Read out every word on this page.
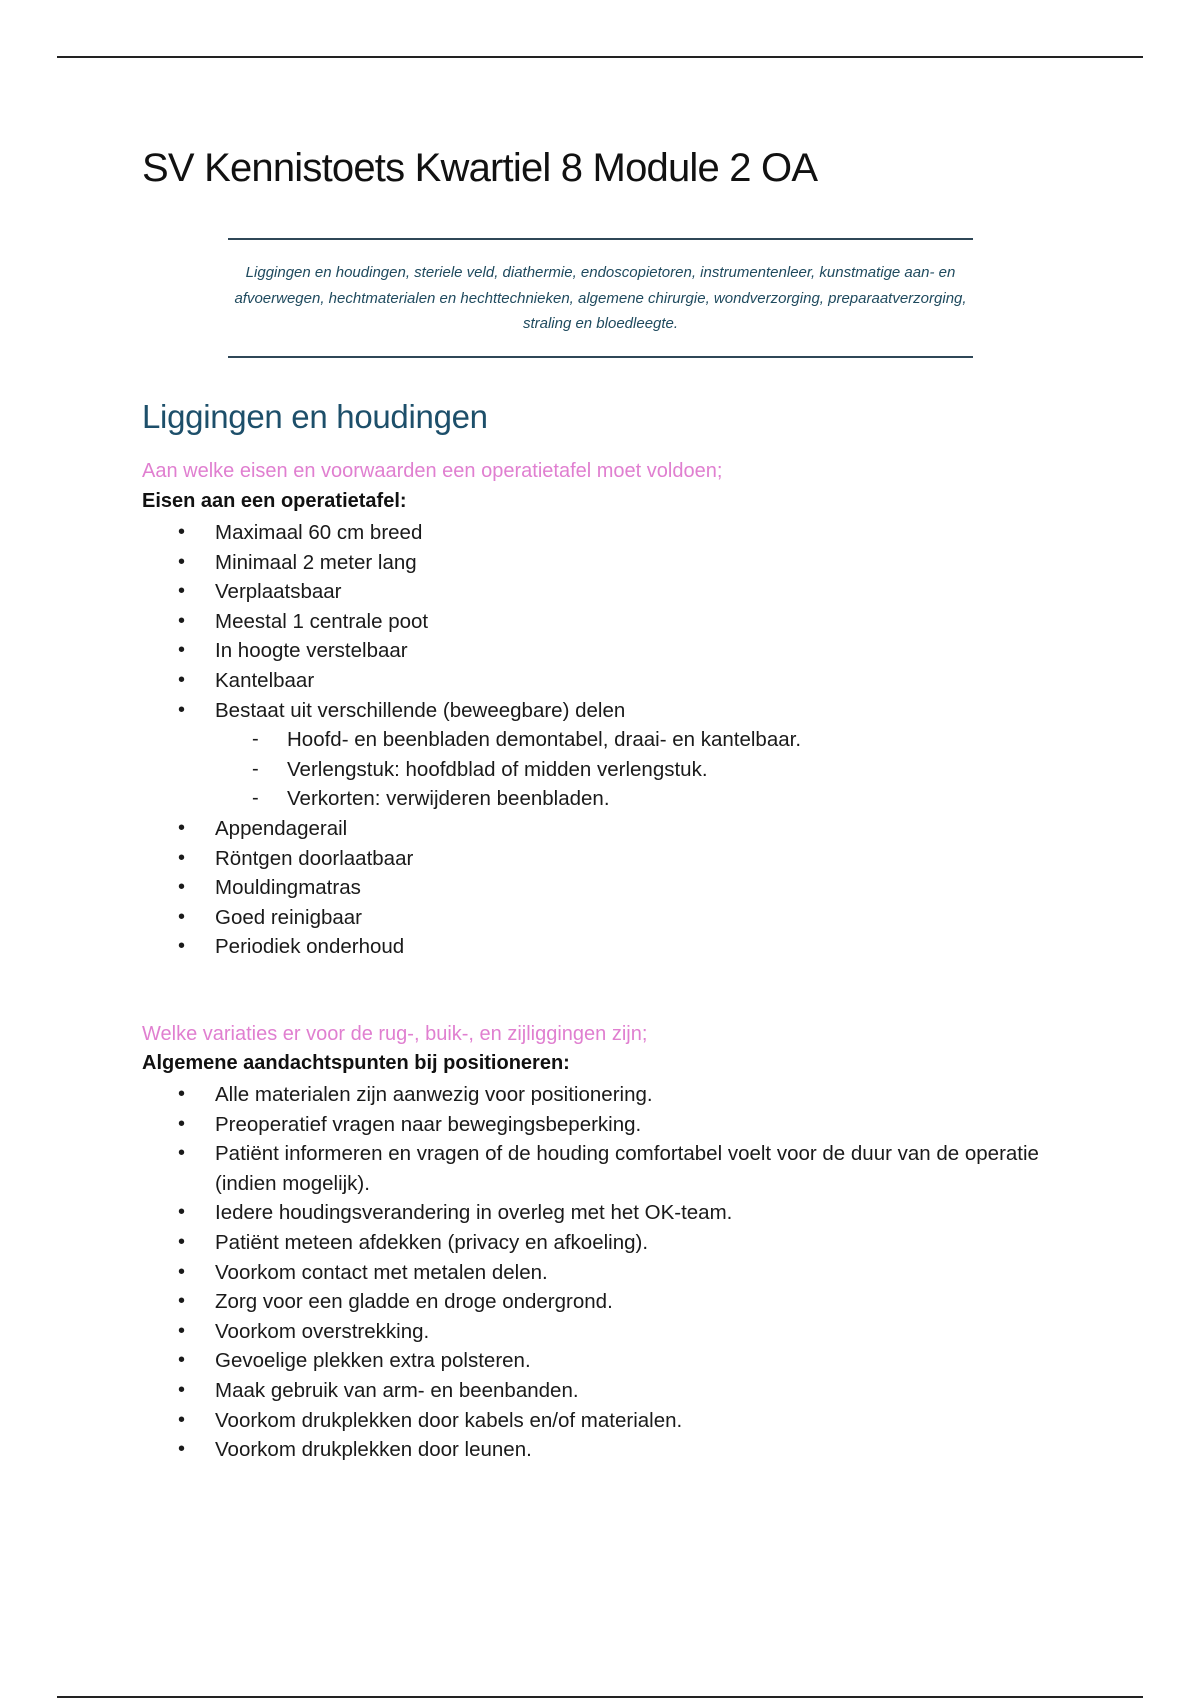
SV Kennistoets Kwartiel 8 Module 2 OA
Liggingen en houdingen, steriele veld, diathermie, endoscopietoren, instrumentenleer, kunstmatige aan- en afvoerwegen, hechtmaterialen en hechttechnieken, algemene chirurgie, wondverzorging, preparaatverzorging, straling en bloedleegte.
Liggingen en houdingen
Aan welke eisen en voorwaarden een operatietafel moet voldoen;
Eisen aan een operatietafel:
• Maximaal 60 cm breed
• Minimaal 2 meter lang
• Verplaatsbaar
• Meestal 1 centrale poot
• In hoogte verstelbaar
• Kantelbaar
• Bestaat uit verschillende (beweegbare) delen
- Hoofd- en beenbladen demontabel, draai- en kantelbaar.
- Verlengstuk: hoofdblad of midden verlengstuk.
- Verkorten: verwijderen beenbladen.
• Appendagerail
• Röntgen doorlaatbaar
• Mouldingmatras
• Goed reinigbaar
• Periodiek onderhoud
Welke variaties er voor de rug-, buik-, en zijliggingen zijn;
Algemene aandachtspunten bij positioneren:
• Alle materialen zijn aanwezig voor positionering.
• Preoperatief vragen naar bewegingsbeperking.
• Patiënt informeren en vragen of de houding comfortabel voelt voor de duur van de operatie (indien mogelijk).
• Iedere houdingsverandering in overleg met het OK-team.
• Patiënt meteen afdekken (privacy en afkoeling).
• Voorkom contact met metalen delen.
• Zorg voor een gladde en droge ondergrond.
• Voorkom overstrekking.
• Gevoelige plekken extra polsteren.
• Maak gebruik van arm- en beenbanden.
• Voorkom drukplekken door kabels en/of materialen.
• Voorkom drukplekken door leunen.
